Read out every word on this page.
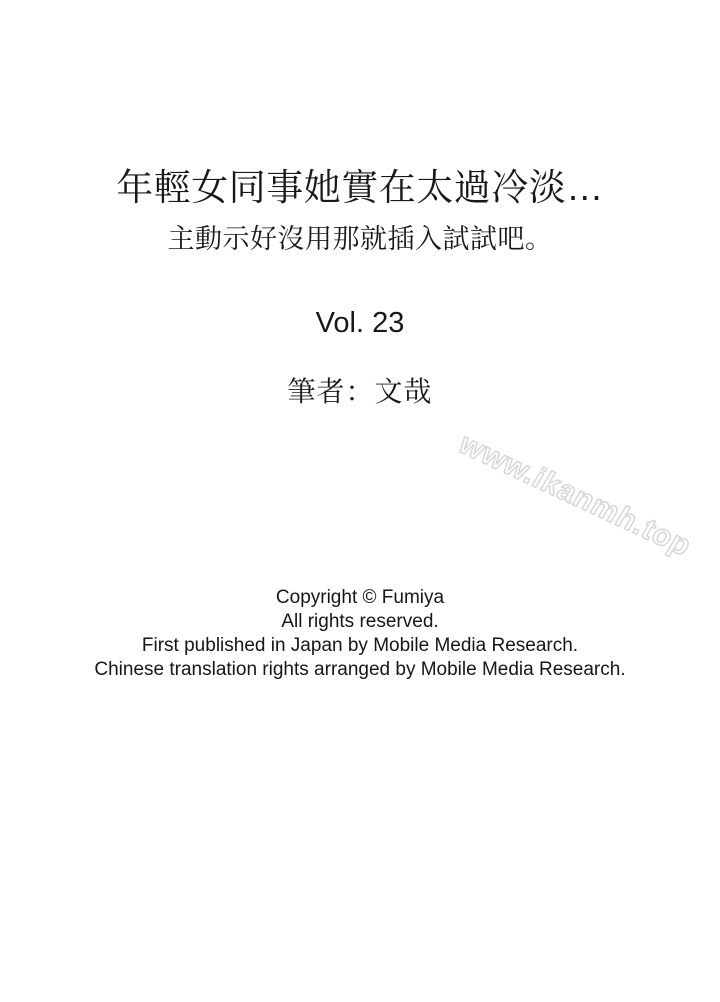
年輕女同事她實在太過冷淡…
主動示好沒用那就插入試試吧。
Vol. 23
筆者：文哉
www.ikanmh.top
Copyright © Fumiya
All rights reserved.
First published in Japan by Mobile Media Research.
Chinese translation rights arranged by Mobile Media Research.
